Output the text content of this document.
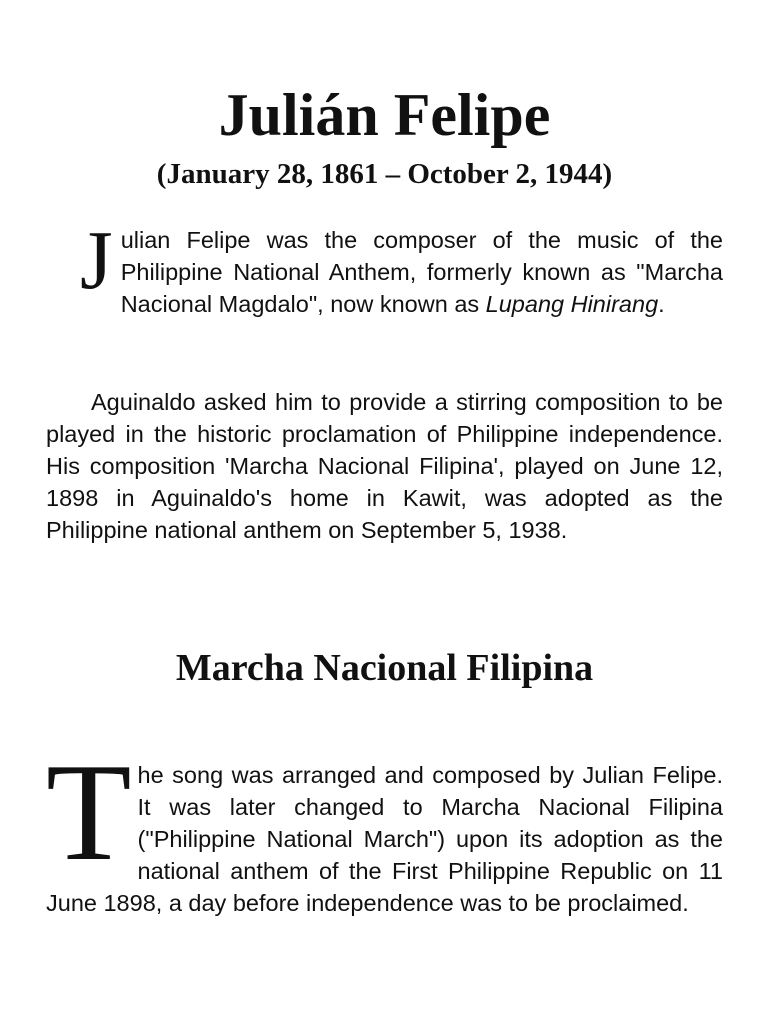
Julián Felipe
(January 28, 1861 – October 2, 1944)

Julian Felipe was the composer of the music of the Philippine National Anthem, formerly known as "Marcha Nacional Magdalo", now known as Lupang Hinirang.

Aguinaldo asked him to provide a stirring composition to be played in the historic proclamation of Philippine independence. His composition 'Marcha Nacional Filipina', played on June 12, 1898 in Aguinaldo's home in Kawit, was adopted as the Philippine national anthem on September 5, 1938.

Marcha Nacional Filipina

The song was arranged and composed by Julian Felipe. It was later changed to Marcha Nacional Filipina ("Philippine National March") upon its adoption as the national anthem of the First Philippine Republic on 11 June 1898, a day before independence was to be proclaimed.
